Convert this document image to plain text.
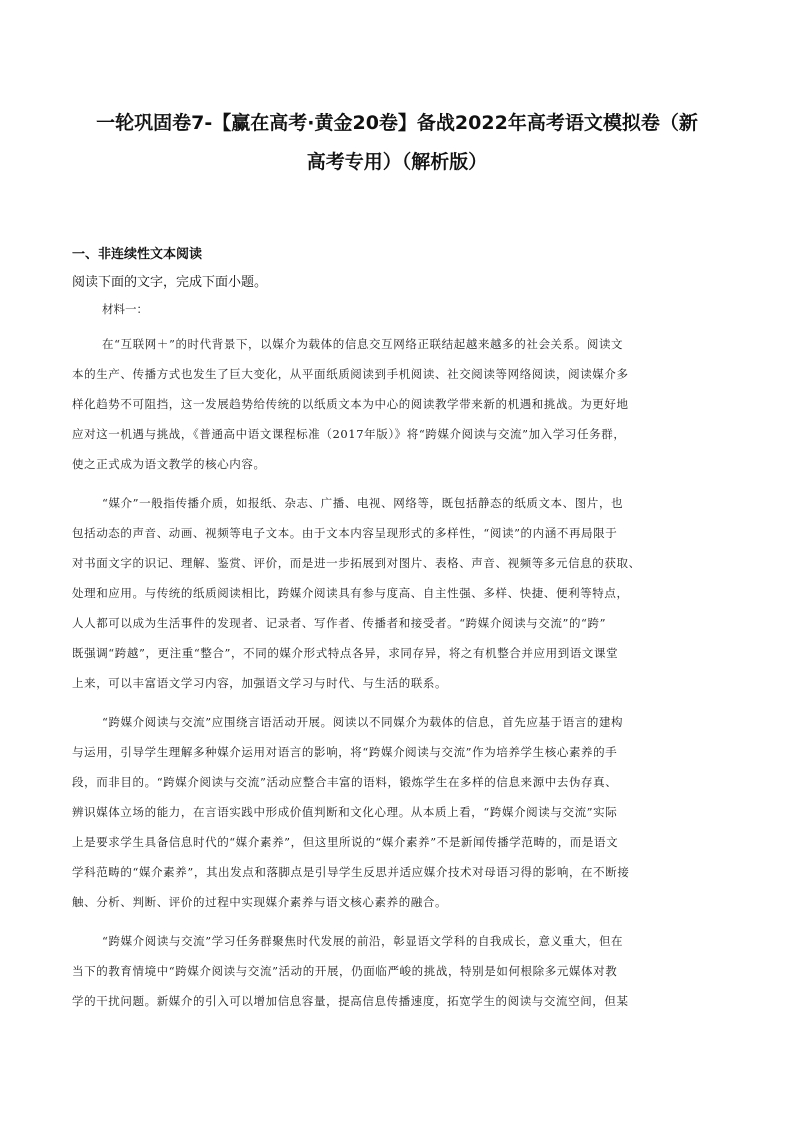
一轮巩固卷7-【赢在高考·黄金20卷】备战2022年高考语文模拟卷（新
高考专用）（解析版）
一、非连续性文本阅读
阅读下面的文字，完成下面小题。
材料一：
在“互联网＋”的时代背景下，以媒介为载体的信息交互网络正联结起越来越多的社会关系。阅读文
本的生产、传播方式也发生了巨大变化，从平面纸质阅读到手机阅读、社交阅读等网络阅读，阅读媒介多
样化趋势不可阻挡，这一发展趋势给传统的以纸质文本为中心的阅读教学带来新的机遇和挑战。为更好地
应对这一机遇与挑战，《普通高中语文课程标准（2017年版）》将“跨媒介阅读与交流”加入学习任务群，
使之正式成为语文教学的核心内容。
“媒介”一般指传播介质，如报纸、杂志、广播、电视、网络等，既包括静态的纸质文本、图片，也
包括动态的声音、动画、视频等电子文本。由于文本内容呈现形式的多样性，“阅读”的内涵不再局限于
对书面文字的识记、理解、鉴赏、评价，而是进一步拓展到对图片、表格、声音、视频等多元信息的获取、
处理和应用。与传统的纸质阅读相比，跨媒介阅读具有参与度高、自主性强、多样、快捷、便利等特点，
人人都可以成为生活事件的发现者、记录者、写作者、传播者和接受者。“跨媒介阅读与交流”的“跨”
既强调“跨越”，更注重“整合”，不同的媒介形式特点各异，求同存异，将之有机整合并应用到语文课堂
上来，可以丰富语文学习内容，加强语文学习与时代、与生活的联系。
“跨媒介阅读与交流”应围绕言语活动开展。阅读以不同媒介为载体的信息，首先应基于语言的建构
与运用，引导学生理解多种媒介运用对语言的影响，将“跨媒介阅读与交流”作为培养学生核心素养的手
段，而非目的。“跨媒介阅读与交流”活动应整合丰富的语料，锻炼学生在多样的信息来源中去伪存真、
辨识媒体立场的能力，在言语实践中形成价值判断和文化心理。从本质上看，“跨媒介阅读与交流”实际
上是要求学生具备信息时代的“媒介素养”，但这里所说的“媒介素养”不是新闻传播学范畴的，而是语文
学科范畴的“媒介素养”，其出发点和落脚点是引导学生反思并适应媒介技术对母语习得的影响，在不断接
触、分析、判断、评价的过程中实现媒介素养与语文核心素养的融合。
“跨媒介阅读与交流”学习任务群聚焦时代发展的前沿，彰显语文学科的自我成长，意义重大，但在
当下的教育情境中“跨媒介阅读与交流”活动的开展，仍面临严峻的挑战，特别是如何根除多元媒体对教
学的干扰问题。新媒介的引入可以增加信息容量，提高信息传播速度，拓宽学生的阅读与交流空间，但某
